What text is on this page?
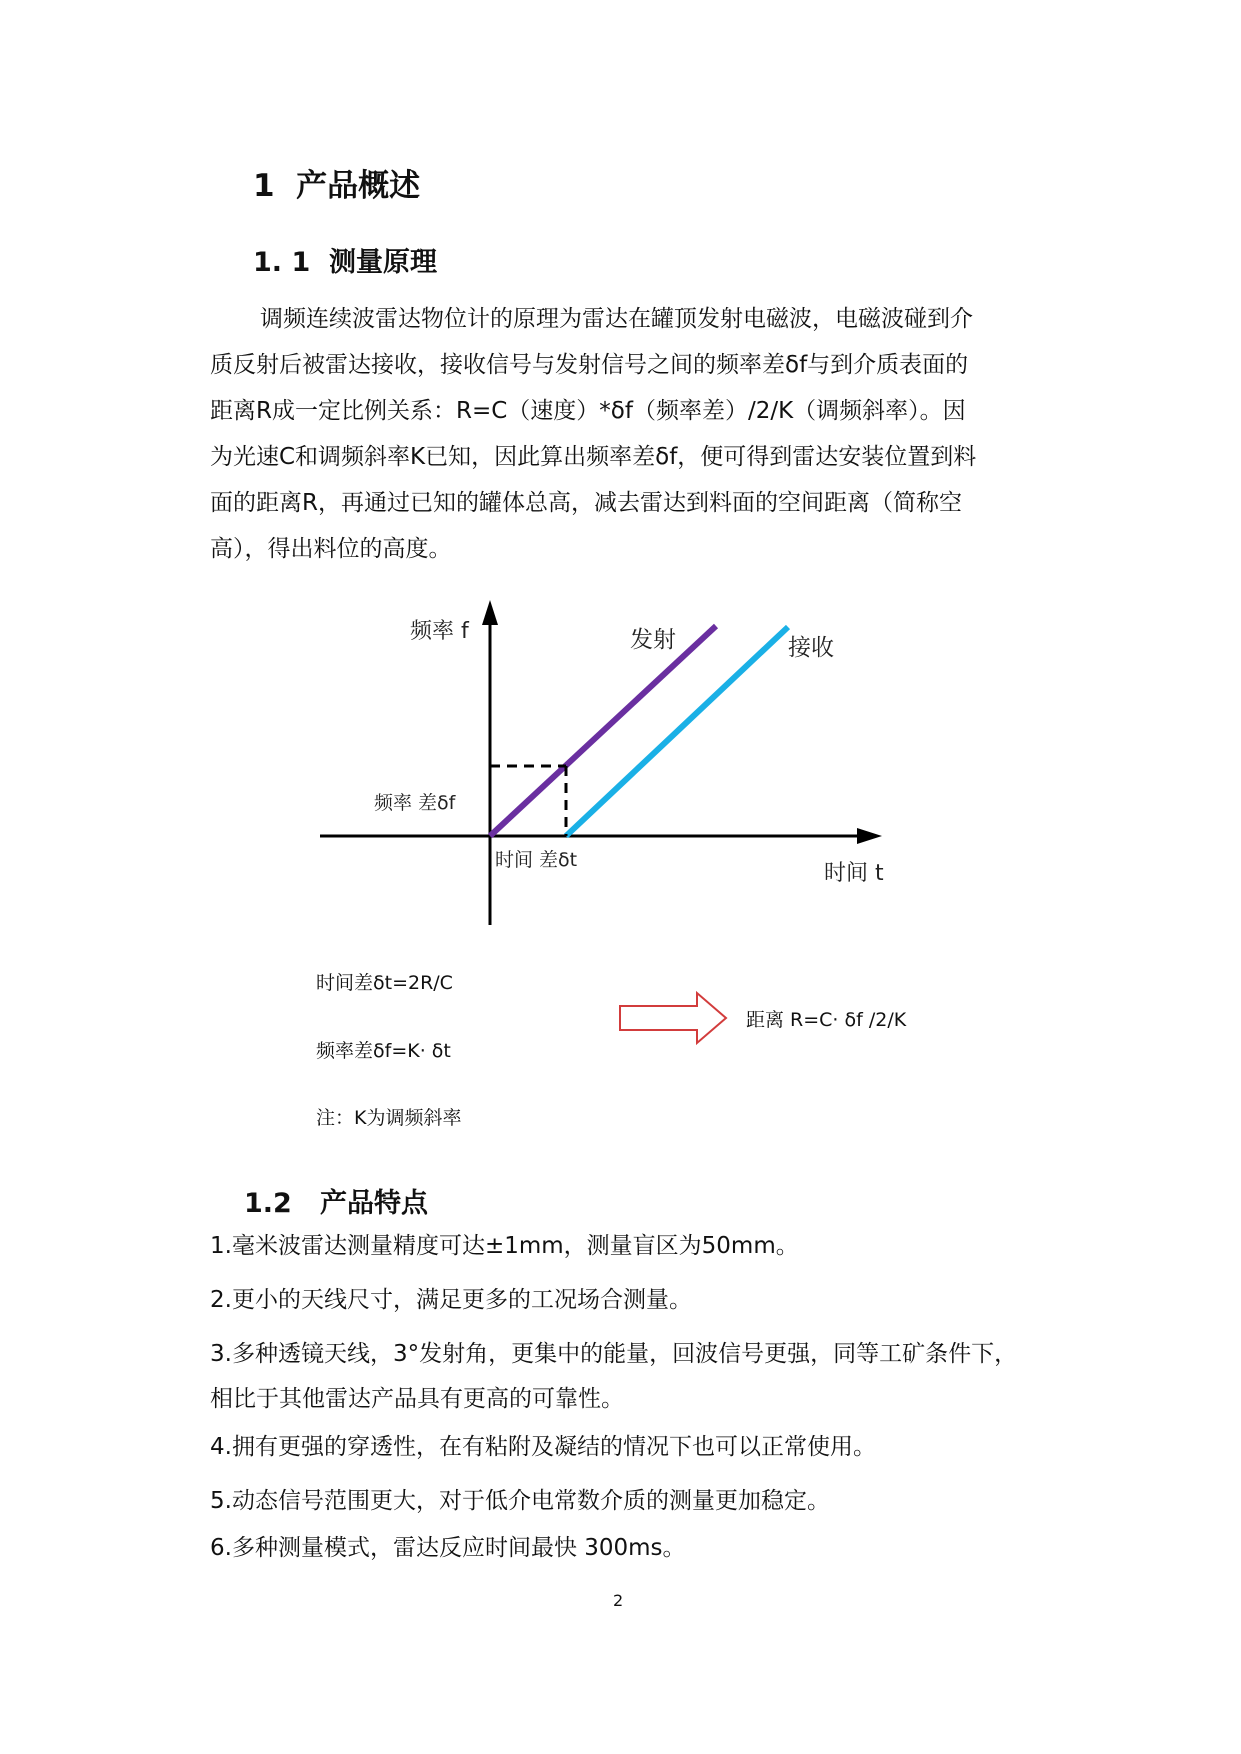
1 产品概述
1. 1 测量原理

调频连续波雷达物位计的原理为雷达在罐顶发射电磁波，电磁波碰到介

质反射后被雷达接收，接收信号与发射信号之间的频率差δf与到介质表面的

距离R成一定比例关系：R=C（速度）*δf（频率差）/2/K（调频斜率）。因

为光速C和调频斜率K已知，因此算出频率差δf，便可得到雷达安装位置到料

面的距离R，再通过已知的罐体总高，减去雷达到料面的空间距离（简称空

高），得出料位的高度。

频率 f	发射	接收
频率 差δf
时间 差δt
时间 t
时间差δt=2R/C
频率差δf=K· δt
注：K为调频斜率
距离 R=C· δf /2/K
1.2 产品特点
1.毫米波雷达测量精度可达±1mm，测量盲区为50mm。
2.更小的天线尺寸，满足更多的工况场合测量。
3.多种透镜天线，3°发射角，更集中的能量，回波信号更强，同等工矿条件下，
相比于其他雷达产品具有更高的可靠性。
4.拥有更强的穿透性，在有粘附及凝结的情况下也可以正常使用。
5.动态信号范围更大，对于低介电常数介质的测量更加稳定。
6.多种测量模式，雷达反应时间最快 300ms。
2
